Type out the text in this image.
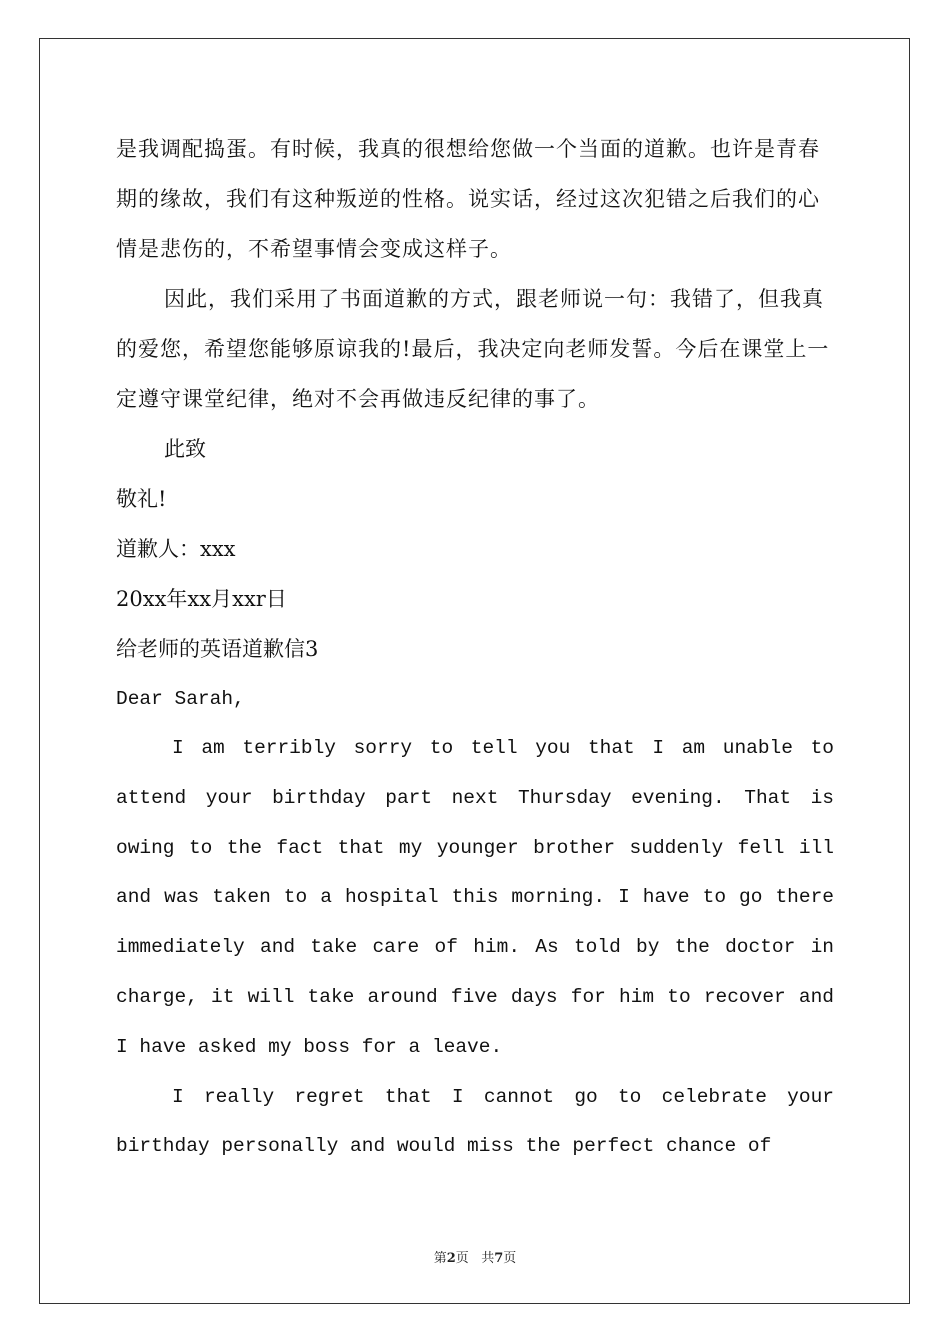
是我调配捣蛋。有时候，我真的很想给您做一个当面的道歉。也许是青春期的缘故，我们有这种叛逆的性格。说实话，经过这次犯错之后我们的心情是悲伤的，不希望事情会变成这样子。

因此，我们采用了书面道歉的方式，跟老师说一句：我错了，但我真的爱您，希望您能够原谅我的!最后，我决定向老师发誓。今后在课堂上一定遵守课堂纪律，绝对不会再做违反纪律的事了。

此致

敬礼!

道歉人：xxx

20xx年xx月xxr日

给老师的英语道歉信3

Dear Sarah,

I am terribly sorry to tell you that I am unable to attend your birthday part next Thursday evening. That is owing to the fact that my younger brother suddenly fell ill and was taken to a hospital this morning. I have to go there immediately and take care of him. As told by the doctor in charge, it will take around five days for him to recover and I have asked my boss for a leave.

I really regret that I cannot go to celebrate your birthday personally and would miss the perfect chance of

第2页 共7页
